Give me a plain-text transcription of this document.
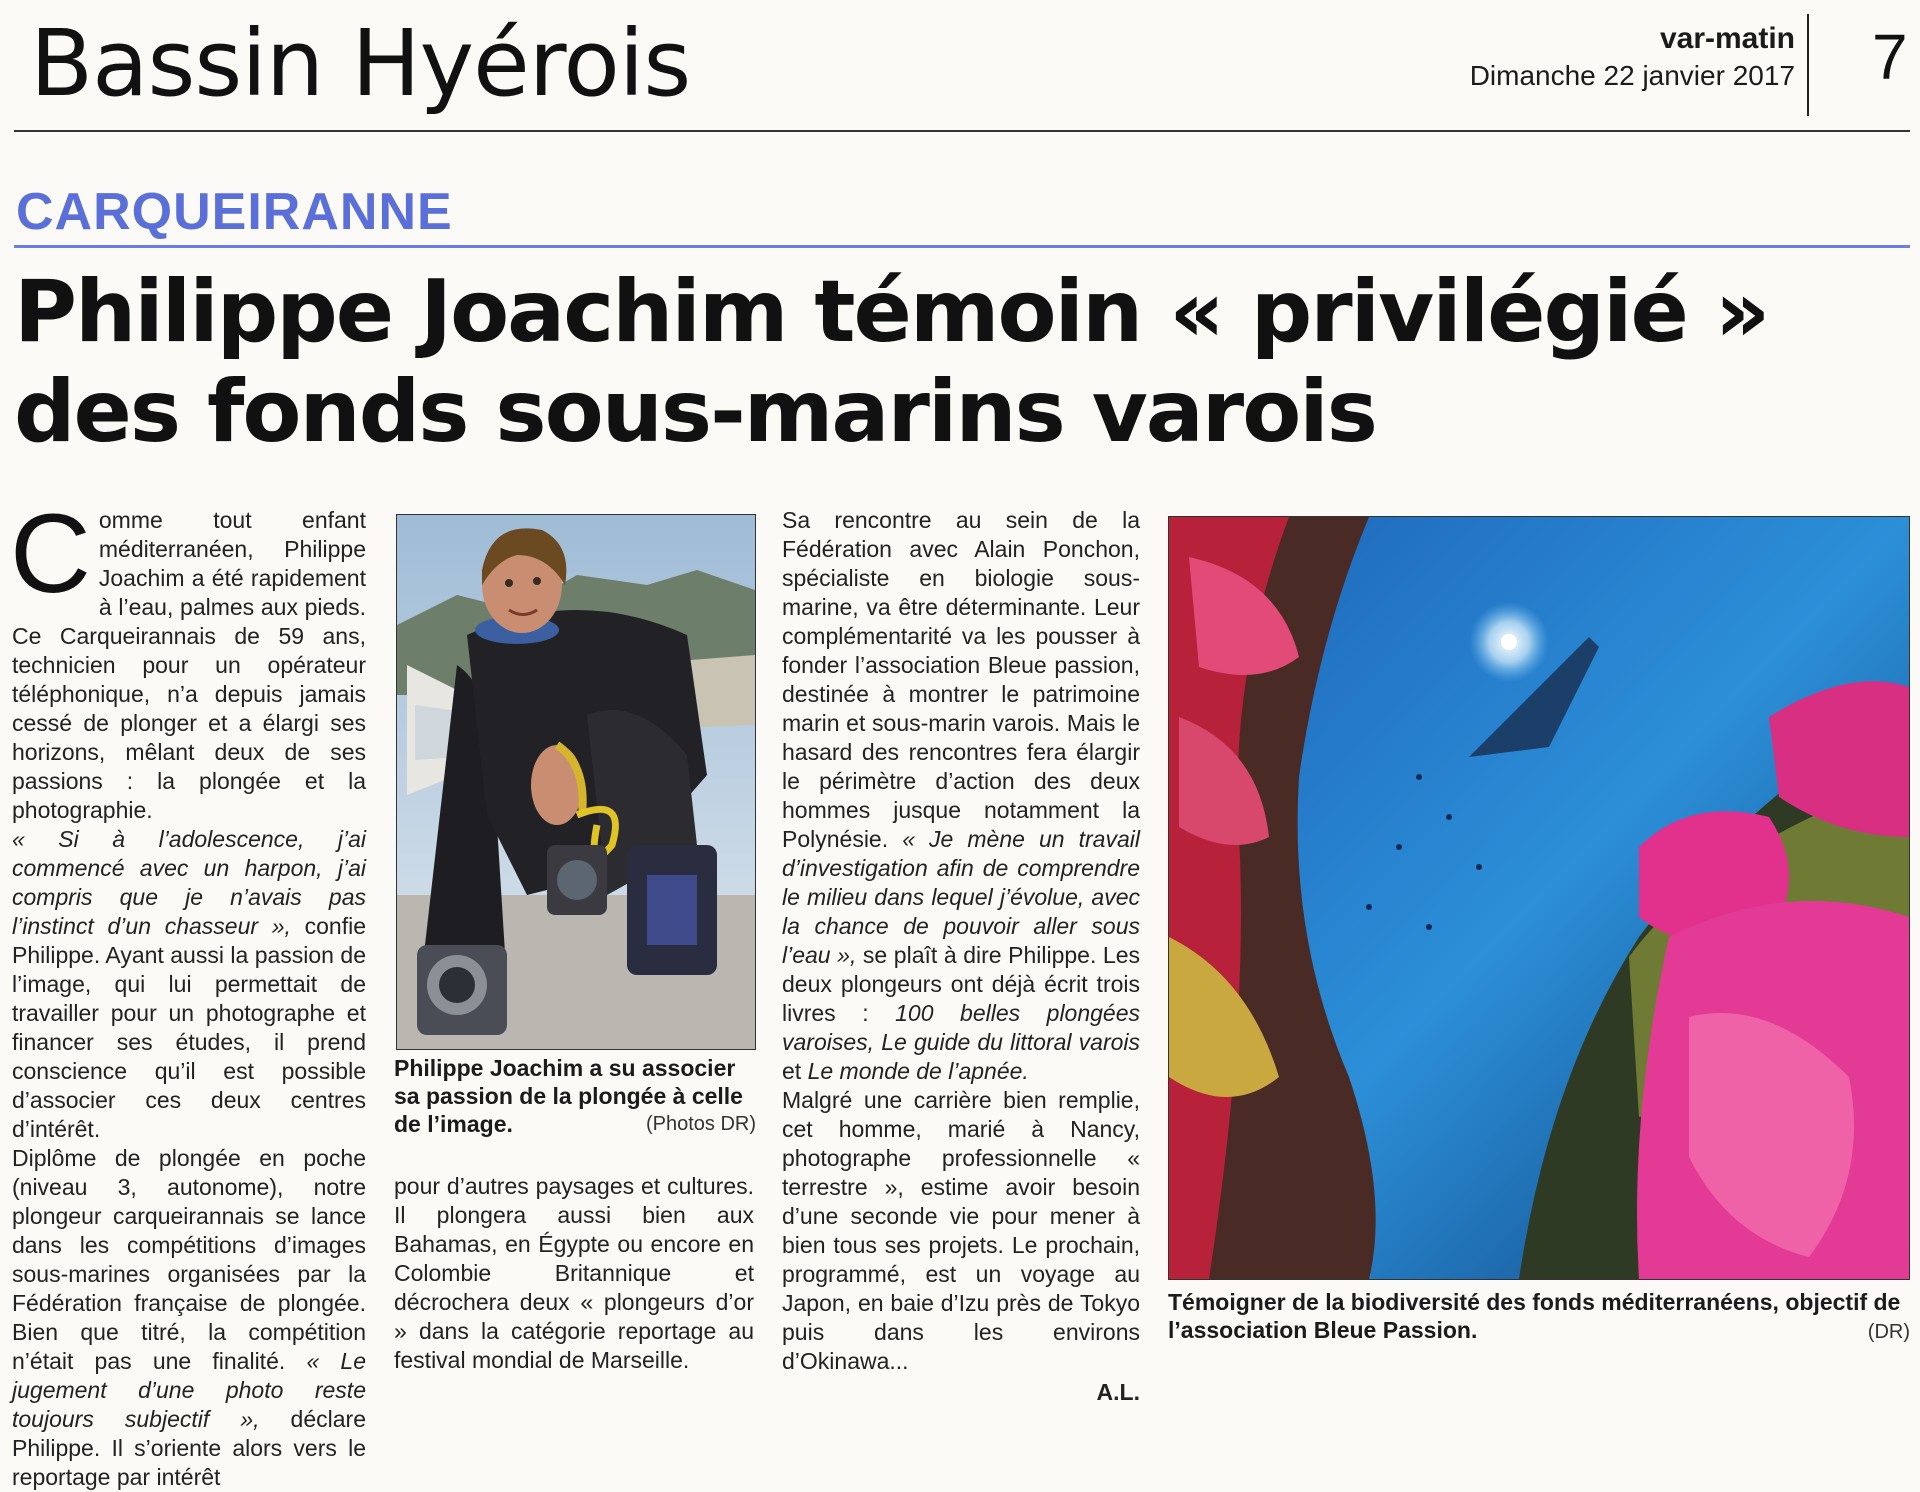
Bassin Hyérois	var-matin
Dimanche 22 janvier 2017 7
CARQUEIRANNE
Philippe Joachim témoin « privilégié »
des fonds sous-marins varois

Comme tout enfant méditerranéen, Philippe Joachim a été rapidement à l’eau, palmes aux pieds. Ce Carqueirannais de 59 ans, technicien pour un opérateur téléphonique, n’a depuis jamais cessé de plonger et a élargi ses horizons, mêlant deux de ses passions : la plongée et la photographie.

« Si à l’adolescence, j’ai commencé avec un harpon, j’ai compris que je n’avais pas l’instinct d’un chasseur », confie Philippe. Ayant aussi la passion de l’image, qui lui permettait de travailler pour un photographe et financer ses études, il prend conscience qu’il est possible d’associer ces deux centres d’intérêt.

Diplôme de plongée en poche (niveau 3, autonome), notre plongeur carqueirannais se lance dans les compétitions d’images sous-marines organisées par la Fédération française de plongée. Bien que titré, la compétition n’était pas une finalité. « Le jugement d’une photo reste toujours subjectif », déclare Philippe. Il s’oriente alors vers le reportage par intérêt

Philippe Joachim a su associer sa passion de la plongée à celle de l’image.	(Photos DR)

pour d’autres paysages et cultures. Il plongera aussi bien aux Bahamas, en Égypte ou encore en Colombie Britannique et décrochera deux « plongeurs d’or » dans la catégorie reportage au festival mondial de Marseille.

Sa rencontre au sein de la Fédération avec Alain Ponchon, spécialiste en biologie sous-marine, va être déterminante. Leur complémentarité va les pousser à fonder l’association Bleue passion, destinée à montrer le patrimoine marin et sous-marin varois. Mais le hasard des rencontres fera élargir le périmètre d’action des deux hommes jusque notamment la Polynésie. « Je mène un travail d’investigation afin de comprendre le milieu dans lequel j’évolue, avec la chance de pouvoir aller sous l’eau », se plaît à dire Philippe. Les deux plongeurs ont déjà écrit trois livres : 100 belles plongées varoises, Le guide du littoral varois et Le monde de l’apnée.

Malgré une carrière bien remplie, cet homme, marié à Nancy, photographe professionnelle « terrestre », estime avoir besoin d’une seconde vie pour mener à bien tous ses projets. Le prochain, programmé, est un voyage au Japon, en baie d’Izu près de Tokyo puis dans les environs d’Okinawa...

A.L.
Témoigner de la biodiversité des fonds méditerranéens, objectif de l’association Bleue Passion.	(DR)
